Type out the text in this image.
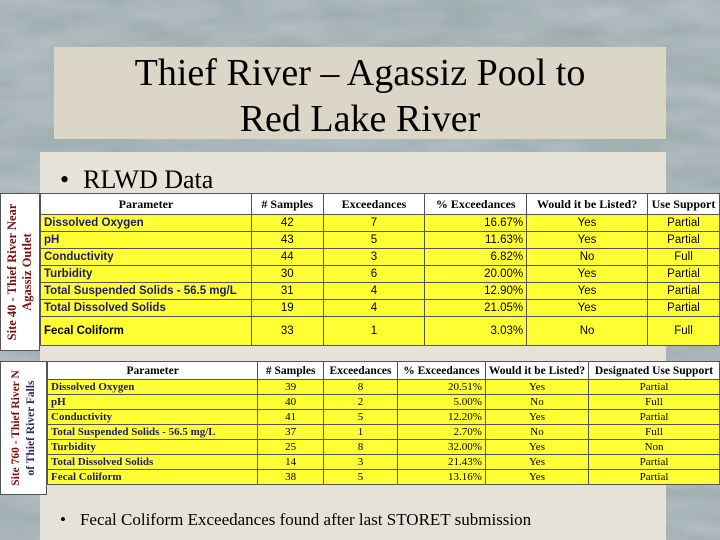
Thief River – Agassiz Pool to
Red Lake River
• RLWD Data
Site 40 - Thief River Near Agassiz Outlet
Parameter	# Samples	Exceedances	% Exceedances	Would it be Listed?	Use Support
Dissolved Oxygen	42	7	16.67%	Yes	Partial
pH	43	5	11.63%	Yes	Partial
Conductivity	44	3	6.82%	No	Full
Turbidity	30	6	20.00%	Yes	Partial
Total Suspended Solids - 56.5 mg/L	31	4	12.90%	Yes	Partial
Total Dissolved Solids	19	4	21.05%	Yes	Partial
Fecal Coliform	33	1	3.03%	No	Full
Site 760 - Thief River N of Thief River Falls
Parameter	# Samples	Exceedances	% Exceedances	Would it be Listed?	Designated Use Support
Dissolved Oxygen	39	8	20.51%	Yes	Partial
pH	40	2	5.00%	No	Full
Conductivity	41	5	12.20%	Yes	Partial
Total Suspended Solids - 56.5 mg/L	37	1	2.70%	No	Full
Turbidity	25	8	32.00%	Yes	Non
Total Dissolved Solids	14	3	21.43%	Yes	Partial
Fecal Coliform	38	5	13.16%	Yes	Partial
• Fecal Coliform Exceedances found after last STORET submission
